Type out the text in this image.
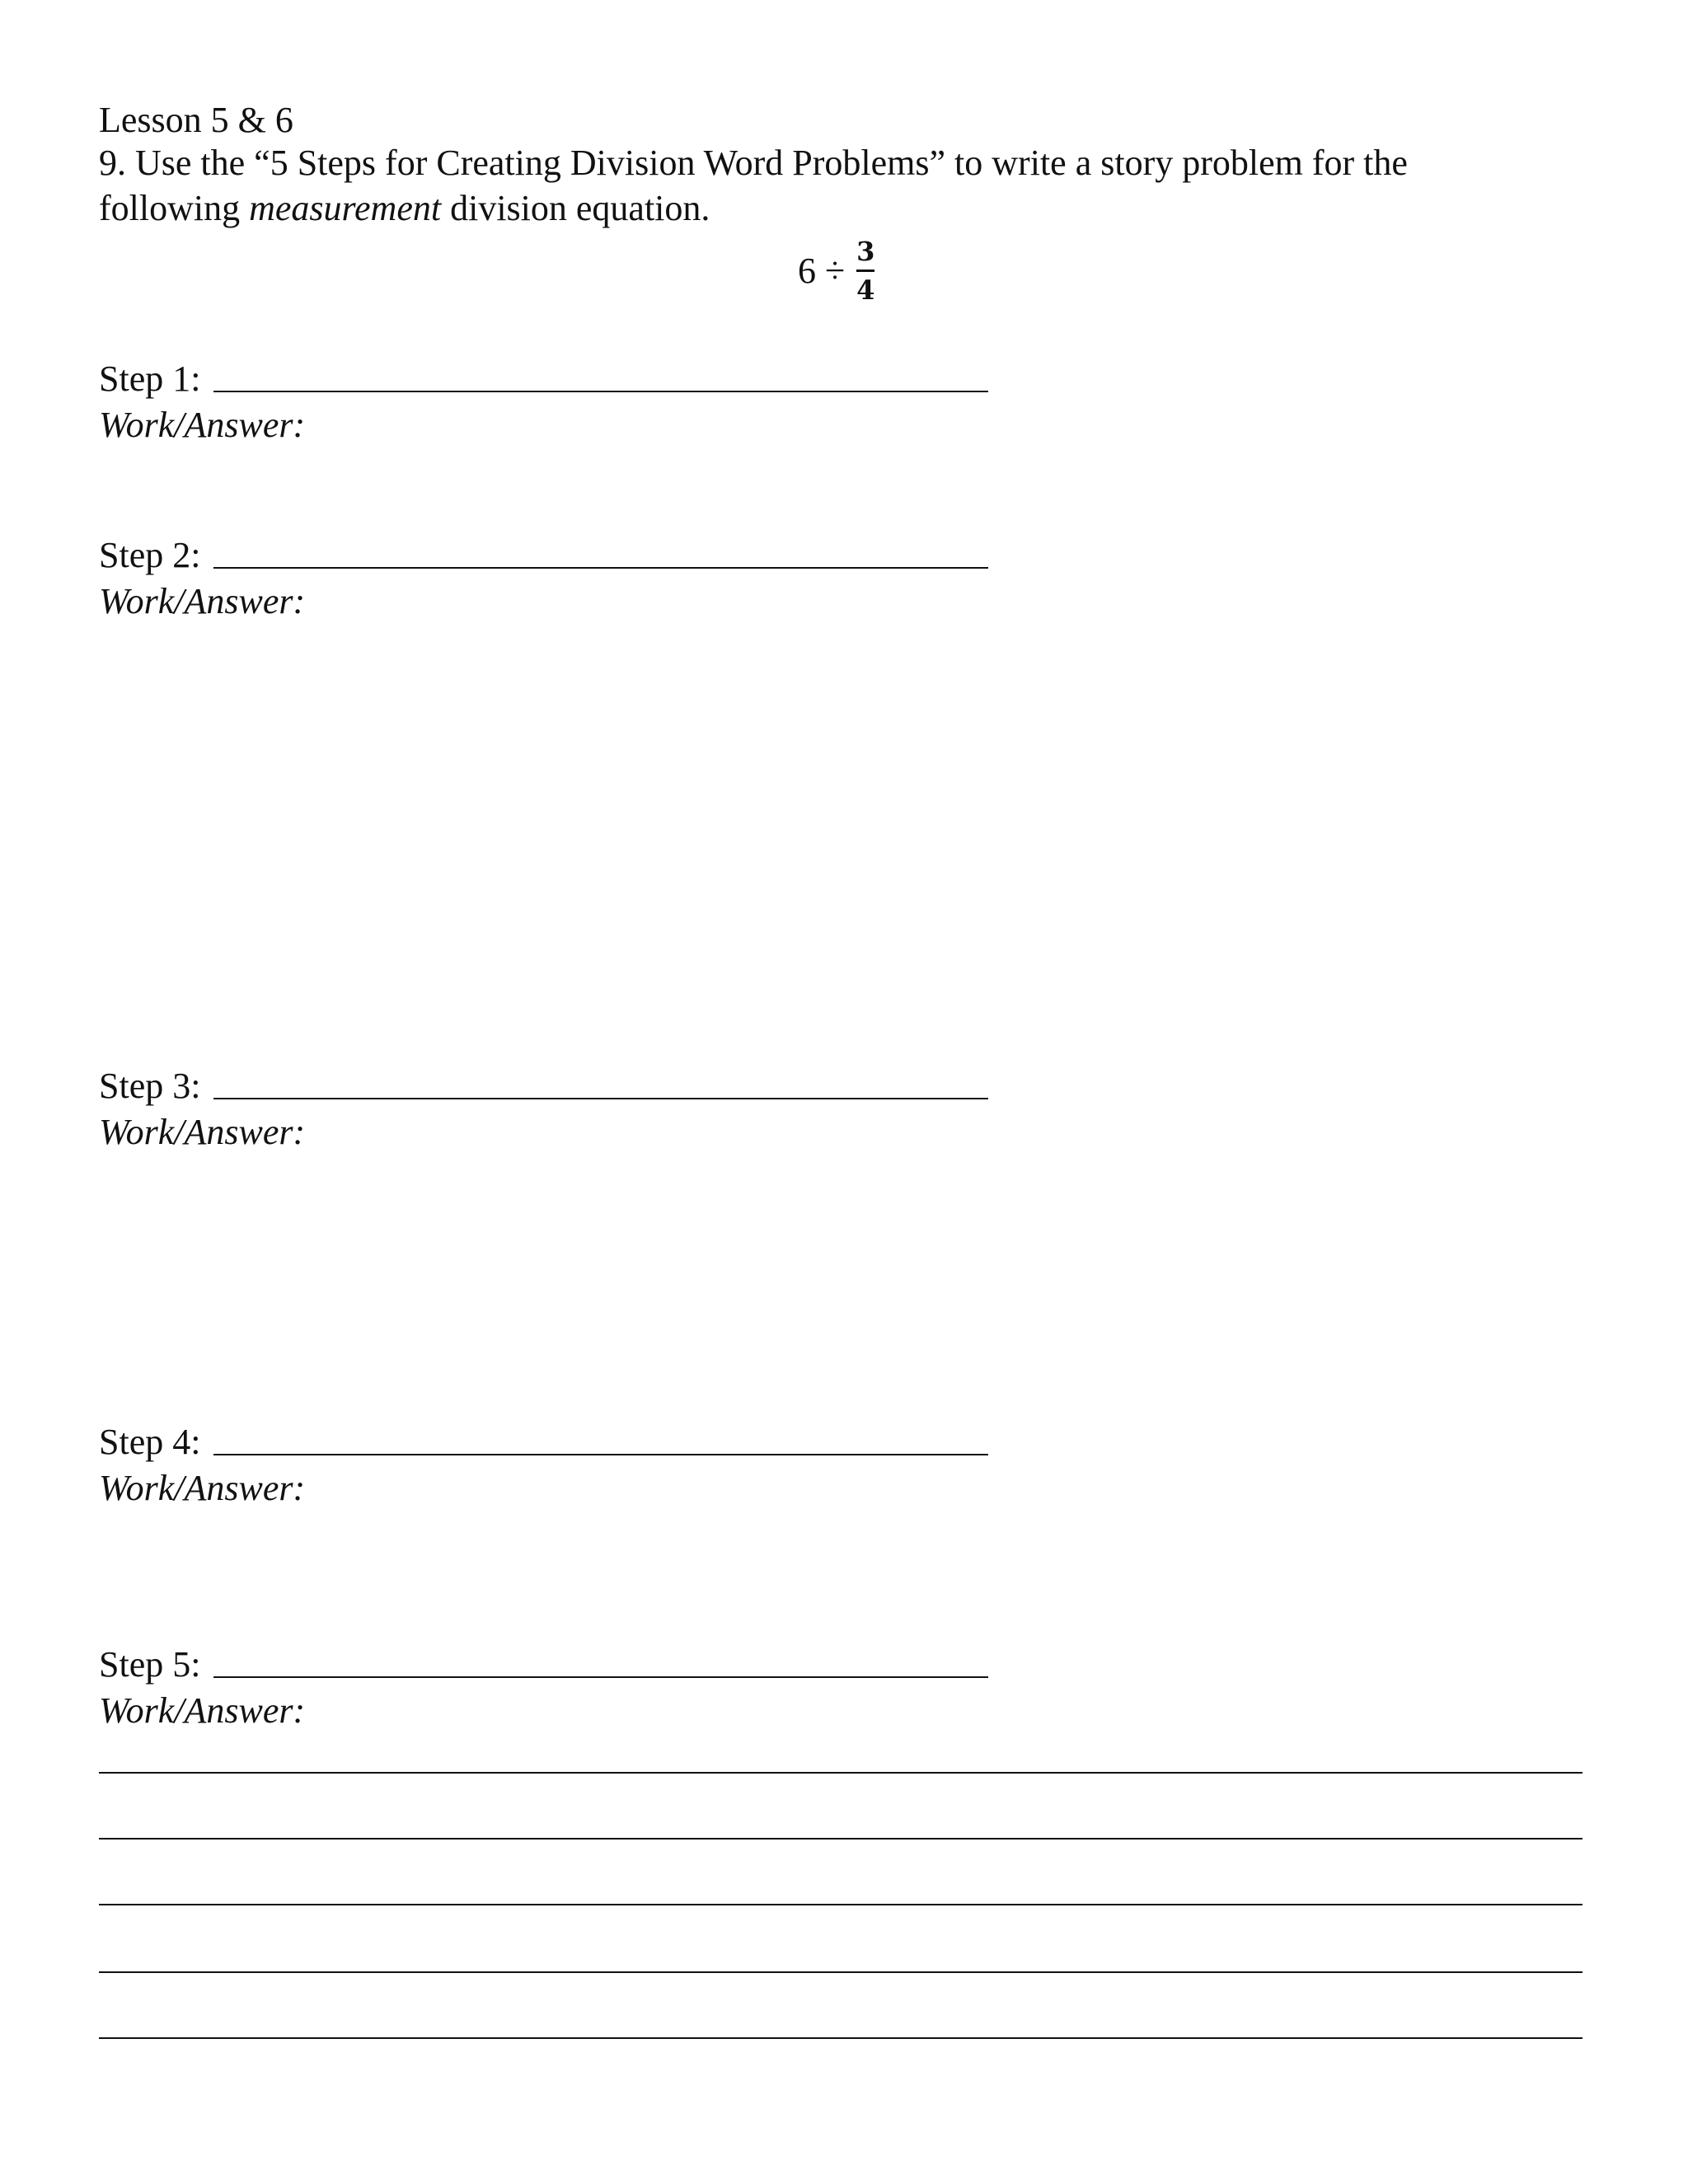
Lesson 5 & 6
9. Use the “5 Steps for Creating Division Word Problems” to write a story problem for the
following measurement division equation.
$6 \div \frac{3}{4}$
Step 1:
Work/Answer:
Step 2:
Work/Answer:
Step 3:
Work/Answer:
Step 4:
Work/Answer:
Step 5:
Work/Answer:
